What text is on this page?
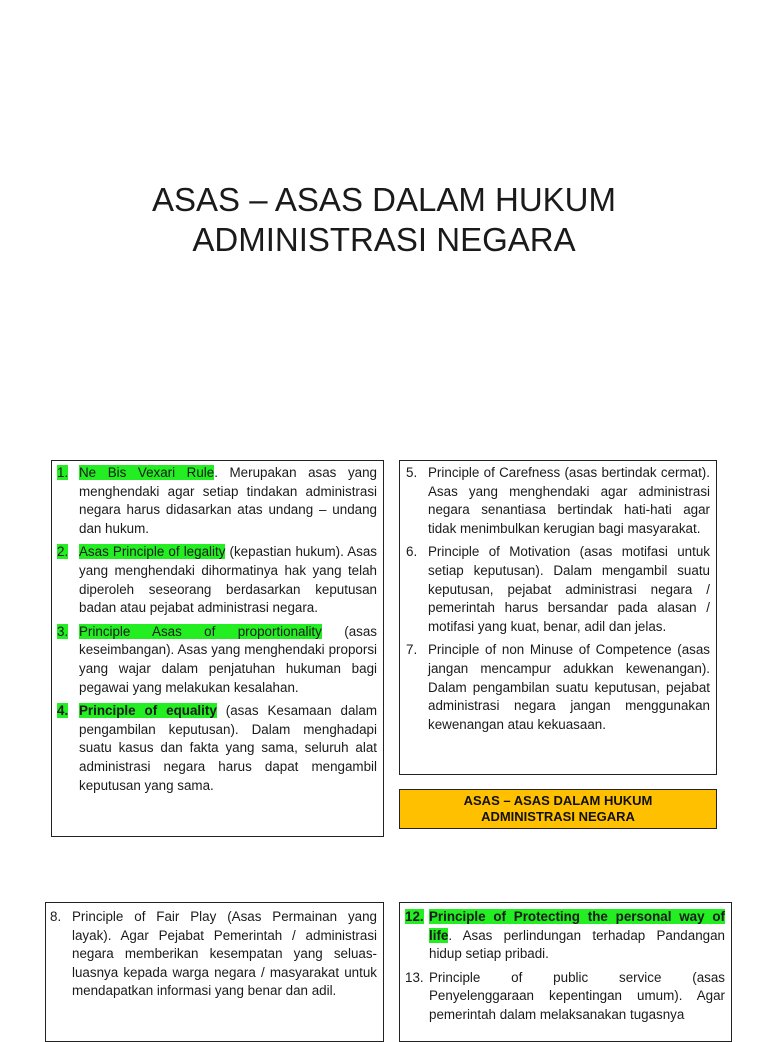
ASAS – ASAS DALAM HUKUM
ADMINISTRASI NEGARA
1. Ne Bis Vexari Rule. Merupakan asas yang menghendaki agar setiap tindakan administrasi negara harus didasarkan atas undang – undang dan hukum.
2. Asas Principle of legality (kepastian hukum). Asas yang menghendaki dihormatinya hak yang telah diperoleh seseorang berdasarkan keputusan badan atau pejabat administrasi negara.
3. Principle Asas of proportionality (asas keseimbangan). Asas yang menghendaki proporsi yang wajar dalam penjatuhan hukuman bagi pegawai yang melakukan kesalahan.
4. Principle of equality (asas Kesamaan dalam pengambilan keputusan). Dalam menghadapi suatu kasus dan fakta yang sama, seluruh alat administrasi negara harus dapat mengambil keputusan yang sama.
5. Principle of Carefness (asas bertindak cermat). Asas yang menghendaki agar administrasi negara senantiasa bertindak hati-hati agar tidak menimbulkan kerugian bagi masyarakat.
6. Principle of Motivation (asas motifasi untuk setiap keputusan). Dalam mengambil suatu keputusan, pejabat administrasi negara / pemerintah harus bersandar pada alasan / motifasi yang kuat, benar, adil dan jelas.
7. Principle of non Minuse of Competence (asas jangan mencampur adukkan kewenangan). Dalam pengambilan suatu keputusan, pejabat administrasi negara jangan menggunakan kewenangan atau kekuasaan.
ASAS – ASAS DALAM HUKUM
ADMINISTRASI NEGARA
8. Principle of Fair Play (Asas Permainan yang layak). Agar Pejabat Pemerintah / administrasi negara memberikan kesempatan yang seluas-luasnya kepada warga negara / masyarakat untuk mendapatkan informasi yang benar dan adil.
12. Principle of Protecting the personal way of life. Asas perlindungan terhadap Pandangan hidup setiap pribadi.
13. Principle of public service (asas Penyelenggaraan kepentingan umum). Agar pemerintah dalam melaksanakan tugasnya
